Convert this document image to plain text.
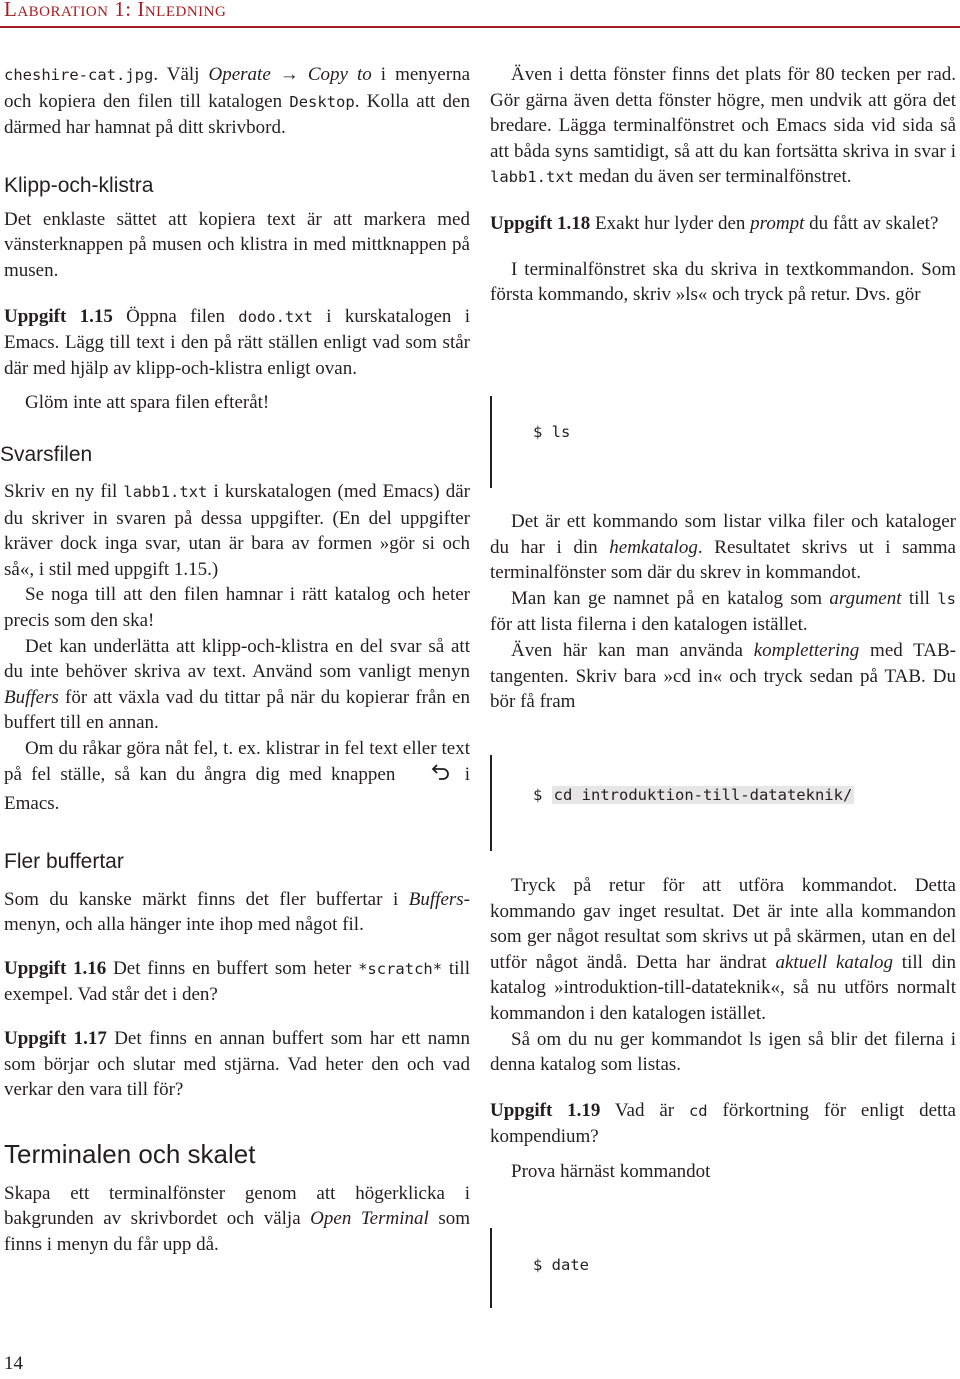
Laboration 1: Inledning

cheshire-cat.jpg. Välj Operate → Copy to i menyerna och kopiera den filen till katalogen Desktop. Kolla att den därmed har hamnat på ditt skrivbord.

Klipp-och-klistra

Det enklaste sättet att kopiera text är att markera med vänsterknappen på musen och klistra in med mittknappen på musen.

Uppgift 1.15 Öppna filen dodo.txt i kurskatalogen i Emacs. Lägg till text i den på rätt ställen enligt vad som står där med hjälp av klipp-och-klistra enligt ovan.

Glöm inte att spara filen efteråt!

Svarsfilen

Skriv en ny fil labb1.txt i kurskatalogen (med Emacs) där du skriver in svaren på dessa uppgifter. (En del uppgifter kräver dock inga svar, utan är bara av formen »gör si och så«, i stil med uppgift 1.15.)

Se noga till att den filen hamnar i rätt katalog och heter precis som den ska!

Det kan underlätta att klipp-och-klistra en del svar så att du inte behöver skriva av text. Använd som vanligt menyn Buffers för att växla vad du tittar på när du kopierar från en buffert till en annan.

Om du råkar göra nåt fel, t. ex. klistrar in fel text eller text på fel ställe, så kan du ångra dig med knappen	i Emacs.

Fler buffertar

Som du kanske märkt finns det fler buffertar i Buffers-menyn, och alla hänger inte ihop med något fil.

Uppgift 1.16 Det finns en buffert som heter *scratch* till exempel. Vad står det i den?

Uppgift 1.17 Det finns en annan buffert som har ett namn som börjar och slutar med stjärna. Vad heter den och vad verkar den vara till för?

Terminalen och skalet

Skapa ett terminalfönster genom att högerklicka i bakgrunden av skrivbordet och välja Open Terminal som finns i menyn du får upp då.

Även i detta fönster finns det plats för 80 tecken per rad. Gör gärna även detta fönster högre, men undvik att göra det bredare. Lägga terminalfönstret och Emacs sida vid sida så att båda syns samtidigt, så att du kan fortsätta skriva in svar i labb1.txt medan du även ser terminalfönstret.

Uppgift 1.18 Exakt hur lyder den prompt du fått av skalet?

I terminalfönstret ska du skriva in textkommandon. Som första kommando, skriv »ls« och tryck på retur. Dvs. gör

$ ls

Det är ett kommando som listar vilka filer och kataloger du har i din hemkatalog. Resultatet skrivs ut i samma terminalfönster som där du skrev in kommandot.

Man kan ge namnet på en katalog som argument till ls för att lista filerna i den katalogen istället.

Även här kan man använda komplettering med TAB-tangenten. Skriv bara »cd in« och tryck sedan på TAB. Du bör få fram

$ cd introduktion-till-datateknik/

Tryck på retur för att utföra kommandot. Detta kommando gav inget resultat. Det är inte alla kommandon som ger något resultat som skrivs ut på skärmen, utan en del utför något ändå. Detta har ändrat aktuell katalog till din katalog »introduktion-till-datateknik«, så nu utförs normalt kommandon i den katalogen istället.

Så om du nu ger kommandot ls igen så blir det filerna i denna katalog som listas.

Uppgift 1.19 Vad är cd förkortning för enligt detta kompendium?

Prova härnäst kommandot

$ date
14
